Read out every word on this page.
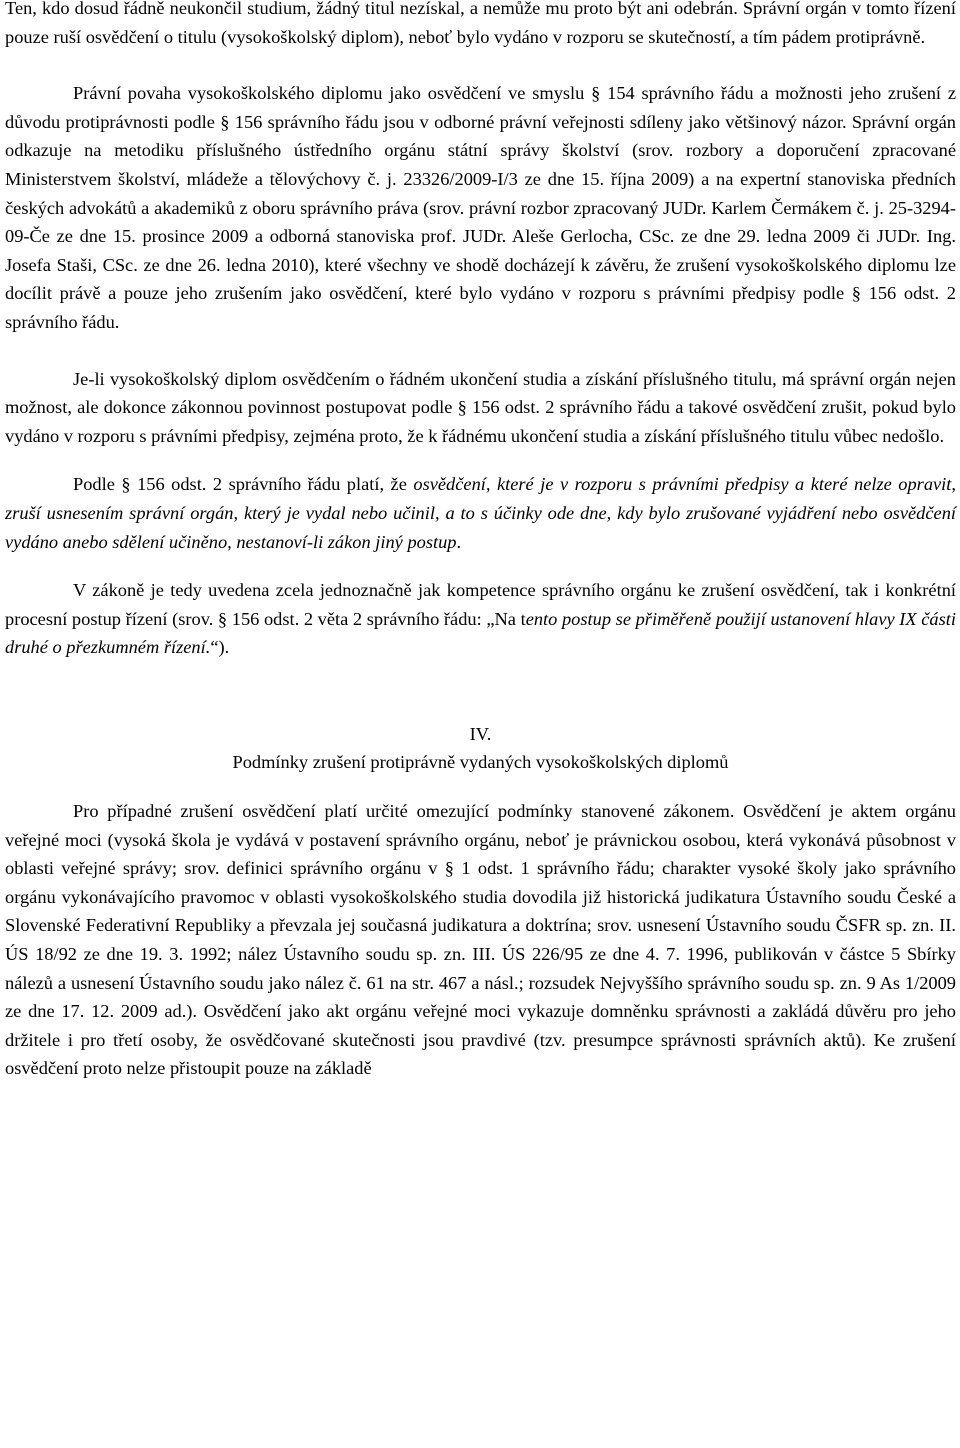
Ten, kdo dosud řádně neukončil studium, žádný titul nezískal, a nemůže mu proto být ani odebrán. Správní orgán v tomto řízení pouze ruší osvědčení o titulu (vysokoškolský diplom), neboť bylo vydáno v rozporu se skutečností, a tím pádem protiprávně.

Právní povaha vysokoškolského diplomu jako osvědčení ve smyslu § 154 správního řádu a možnosti jeho zrušení z důvodu protiprávnosti podle § 156 správního řádu jsou v odborné právní veřejnosti sdíleny jako většinový názor. Správní orgán odkazuje na metodiku příslušného ústředního orgánu státní správy školství (srov. rozbory a doporučení zpracované Ministerstvem školství, mládeže a tělovýchovy č. j. 23326/2009-I/3 ze dne 15. října 2009) a na expertní stanoviska předních českých advokátů a akademiků z oboru správního práva (srov. právní rozbor zpracovaný JUDr. Karlem Čermákem č. j. 25-3294-09-Če ze dne 15. prosince 2009 a odborná stanoviska prof. JUDr. Aleše Gerlocha, CSc. ze dne 29. ledna 2009 či JUDr. Ing. Josefa Staši, CSc. ze dne 26. ledna 2010), které všechny ve shodě docházejí k závěru, že zrušení vysokoškolského diplomu lze docílit právě a pouze jeho zrušením jako osvědčení, které bylo vydáno v rozporu s právními předpisy podle § 156 odst. 2 správního řádu.

Je-li vysokoškolský diplom osvědčením o řádném ukončení studia a získání příslušného titulu, má správní orgán nejen možnost, ale dokonce zákonnou povinnost postupovat podle § 156 odst. 2 správního řádu a takové osvědčení zrušit, pokud bylo vydáno v rozporu s právními předpisy, zejména proto, že k řádnému ukončení studia a získání příslušného titulu vůbec nedošlo.

Podle § 156 odst. 2 správního řádu platí, že osvědčení, které je v rozporu s právními předpisy a které nelze opravit, zruší usnesením správní orgán, který je vydal nebo učinil, a to s účinky ode dne, kdy bylo zrušované vyjádření nebo osvědčení vydáno anebo sdělení učiněno, nestanoví-li zákon jiný postup.

V zákoně je tedy uvedena zcela jednoznačně jak kompetence správního orgánu ke zrušení osvědčení, tak i konkrétní procesní postup řízení (srov. § 156 odst. 2 věta 2 správního řádu: „Na tento postup se přiměřeně použijí ustanovení hlavy IX části druhé o přezkumném řízení.“).

IV.

Podmínky zrušení protiprávně vydaných vysokoškolských diplomů

Pro případné zrušení osvědčení platí určité omezující podmínky stanovené zákonem. Osvědčení je aktem orgánu veřejné moci (vysoká škola je vydává v postavení správního orgánu, neboť je právnickou osobou, která vykonává působnost v oblasti veřejné správy; srov. definici správního orgánu v § 1 odst. 1 správního řádu; charakter vysoké školy jako správního orgánu vykonávajícího pravomoc v oblasti vysokoškolského studia dovodila již historická judikatura Ústavního soudu České a Slovenské Federativní Republiky a převzala jej současná judikatura a doktrína; srov. usnesení Ústavního soudu ČSFR sp. zn. II. ÚS 18/92 ze dne 19. 3. 1992; nález Ústavního soudu sp. zn. III. ÚS 226/95 ze dne 4. 7. 1996, publikován v částce 5 Sbírky nálezů a usnesení Ústavního soudu jako nález č. 61 na str. 467 a násl.; rozsudek Nejvyššího správního soudu sp. zn. 9 As 1/2009 ze dne 17. 12. 2009 ad.). Osvědčení jako akt orgánu veřejné moci vykazuje domněnku správnosti a zakládá důvěru pro jeho držitele i pro třetí osoby, že osvědčované skutečnosti jsou pravdivé (tzv. presumpce správnosti správních aktů). Ke zrušení osvědčení proto nelze přistoupit pouze na základě
